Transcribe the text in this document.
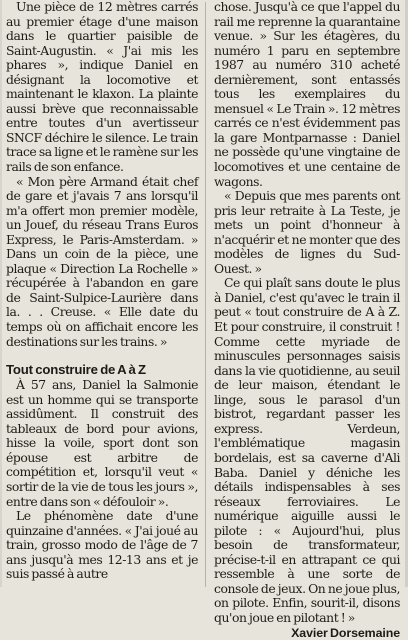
Une pièce de 12 mètres carrés au premier étage d'une maison dans le quartier paisible de Saint-Augustin. « J'ai mis les phares », indique Daniel en désignant la locomotive et maintenant le klaxon. La plainte aussi brève que reconnaissable entre toutes d'un avertisseur SNCF déchire le silence. Le train trace sa ligne et le ramène sur les rails de son enfance.

« Mon père Armand était chef de gare et j'avais 7 ans lorsqu'il m'a offert mon premier modèle, un Jouef, du réseau Trans Euros Express, le Paris-Amsterdam. » Dans un coin de la pièce, une plaque « Direction La Rochelle » récupérée à l'abandon en gare de Saint-Sulpice-Laurière dans la. . . Creuse. « Elle date du temps où on affichait encore les destinations sur les trains. »

Tout construire de A à Z

À 57 ans, Daniel la Salmonie est un homme qui se transporte assidûment. Il construit des tableaux de bord pour avions, hisse la voile, sport dont son épouse est arbitre de compétition et, lorsqu'il veut « sortir de la vie de tous les jours », entre dans son « défouloir ».

Le phénomène date d'une quinzaine d'années. « J'ai joué au train, grosso modo de l'âge de 7 ans jusqu'à mes 12-13 ans et je suis passé à autre

chose. Jusqu'à ce que l'appel du rail me reprenne la quarantaine venue. » Sur les étagères, du numéro 1 paru en septembre 1987 au numéro 310 acheté dernièrement, sont entassés tous les exemplaires du mensuel « Le Train ». 12 mètres carrés ce n'est évidemment pas la gare Montparnasse : Daniel ne possède qu'une vingtaine de locomotives et une centaine de wagons.

« Depuis que mes parents ont pris leur retraite à La Teste, je mets un point d'honneur à n'acquérir et ne monter que des modèles de lignes du Sud-Ouest. »

Ce qui plaît sans doute le plus à Daniel, c'est qu'avec le train il peut « tout construire de A à Z. Et pour construire, il construit ! Comme cette myriade de minuscules personnages saisis dans la vie quotidienne, au seuil de leur maison, étendant le linge, sous le parasol d'un bistrot, regardant passer les express. Verdeun, l'emblématique magasin bordelais, est sa caverne d'Ali Baba. Daniel y déniche les détails indispensables à ses réseaux ferroviaires. Le numérique aiguille aussi le pilote : « Aujourd'hui, plus besoin de transformateur, précise-t-il en attrapant ce qui ressemble à une sorte de console de jeux. On ne joue plus, on pilote. Enfin, sourit-il, disons qu'on joue en pilotant ! »

Xavier Dorsemaine
